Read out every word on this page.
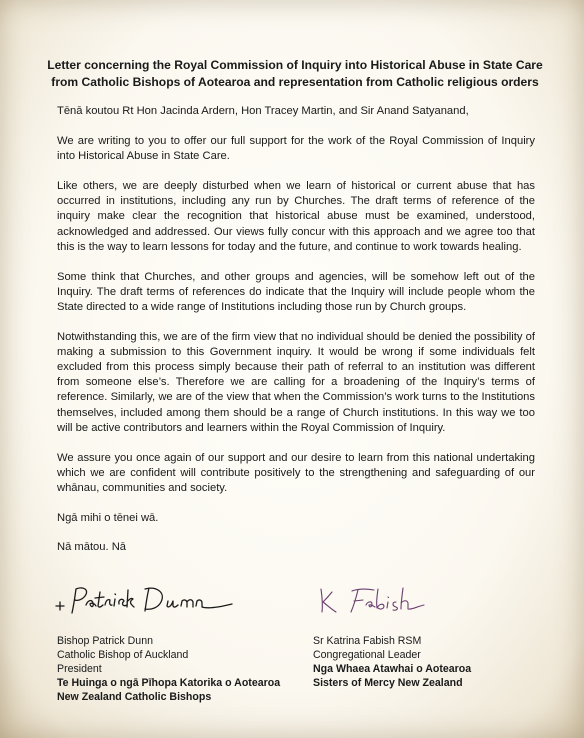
Letter concerning the Royal Commission of Inquiry into Historical Abuse in State Care
from Catholic Bishops of Aotearoa and representation from Catholic religious orders

Tēnā koutou Rt Hon Jacinda Ardern, Hon Tracey Martin, and Sir Anand Satyanand,

We are writing to you to offer our full support for the work of the Royal Commission of Inquiry into Historical Abuse in State Care.

Like others, we are deeply disturbed when we learn of historical or current abuse that has occurred in institutions, including any run by Churches. The draft terms of reference of the inquiry make clear the recognition that historical abuse must be examined, understood, acknowledged and addressed. Our views fully concur with this approach and we agree too that this is the way to learn lessons for today and the future, and continue to work towards healing.

Some think that Churches, and other groups and agencies, will be somehow left out of the Inquiry. The draft terms of references do indicate that the Inquiry will include people whom the State directed to a wide range of Institutions including those run by Church groups.

Notwithstanding this, we are of the firm view that no individual should be denied the possibility of making a submission to this Government inquiry. It would be wrong if some individuals felt excluded from this process simply because their path of referral to an institution was different from someone else’s. Therefore we are calling for a broadening of the Inquiry’s terms of reference. Similarly, we are of the view that when the Commission’s work turns to the Institutions themselves, included among them should be a range of Church institutions. In this way we too will be active contributors and learners within the Royal Commission of Inquiry.

We assure you once again of our support and our desire to learn from this national undertaking which we are confident will contribute positively to the strengthening and safeguarding of our whānau, communities and society.

Ngā mihi o tēnei wā.

Nā mātou. Nā

Bishop Patrick Dunn
Catholic Bishop of Auckland
President
Te Huinga o ngā Pīhopa Katorika o Aotearoa
New Zealand Catholic Bishops
Sr Katrina Fabish RSM
Congregational Leader
Nga Whaea Atawhai o Aotearoa
Sisters of Mercy New Zealand
